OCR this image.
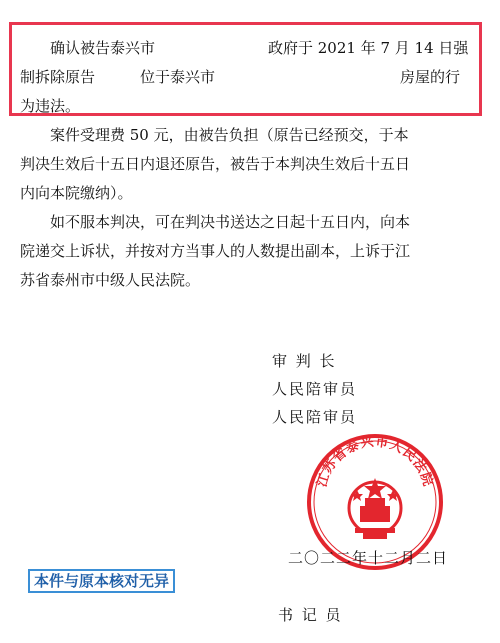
确认被告泰兴市	政府于 2021 年 7 月 14 日强
制拆除原告	位于泰兴市	房屋的行
为违法。
案件受理费 50 元，由被告负担（原告已经预交，于本
判决生效后十五日内退还原告，被告于本判决生效后十五日
内向本院缴纳）。
如不服本判决，可在判决书送达之日起十五日内，向本
院递交上诉状，并按对方当事人的人数提出副本，上诉于江
苏省泰州市中级人民法院。
审 判 长
人民陪审员
人民陪审员
江苏省泰兴市人民法院
二〇二二年十二月二日
本件与原本核对无异
书 记 员
